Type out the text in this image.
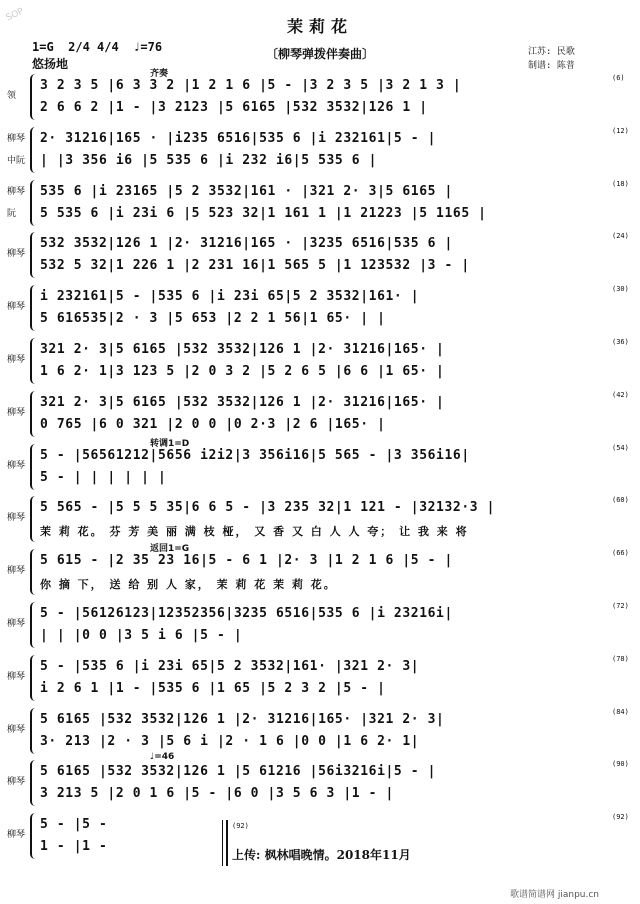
SOP
茉莉花
1=G  2/4 4/4  ♩=76
悠扬地
〔柳琴弹拨伴奏曲〕	江苏: 民歌
制谱: 陈普
领
(6)
3 2 3 5 |6 3 3 2 |1 2 1 6 |5 - |3 2 3 5 |3 2 1 3 |
2 6 6 2 |1 - |3 2123 |5 6165 |532 3532|126 1 |
齐奏
柳琴
中阮
(12)
2· 31216|165 · |i235 6516|535 6 |i 232161|5 - |
| |3 356 i6 |5 535 6 |i 232 i6|5 535 6 |
柳琴
阮
(18)
535 6 |i 23165 |5 2 3532|161 · |321 2· 3|5 6165 |
5 535 6 |i 23i 6 |5 523 32|1 161 1 |1 21223 |5 1165 |
柳琴
(24)
532 3532|126 1 |2· 31216|165 · |3235 6516|535 6 |
532 5 32|1 226 1 |2 231 16|1 565 5 |1 123532 |3 - |
柳琴
(30)
i 232161|5 - |535 6 |i 23i 65|5 2 3532|161· |
5 616535|2 · 3 |5 653 |2 2 1 56|1 65· | |
柳琴
(36)
321 2· 3|5 6165 |532 3532|126 1 |2· 31216|165· |
1 6 2· 1|3 123 5 |2 0 3 2 |5 2 6 5 |6 6 |1 65· |
柳琴
(42)
321 2· 3|5 6165 |532 3532|126 1 |2· 31216|165· |
0 765 |6 0 321 |2 0 0 |0 2·3 |2 6 |165· |
柳琴
(54)
5 - |56561212|5656 i2i2|3 356i16|5 565 - |3 356i16|
5 - | | | | | |
转调1=D
柳琴
(60)
5 565 - |5 5 5 35|6 6 5 - |3 235 32|1 121 - |32132·3 |
茉 莉 花。 芬 芳 美 丽 满 枝 桠， 又 香 又 白 人 人 夸； 让 我 来 将
柳琴
(66)
5 615 - |2 35 23 16|5 - 6 1 |2· 3 |1 2 1 6 |5 - |
你 摘 下， 送 给 别 人 家， 茉 莉 花 茉 莉 花。
返回1=G
柳琴
(72)
5 - |56126123|12352356|3235 6516|535 6 |i 23216i|
| | |0 0 |3 5 i 6 |5 - |
柳琴
(78)
5 - |535 6 |i 23i 65|5 2 3532|161· |321 2· 3|
i 2 6 1 |1 - |535 6 |1 65 |5 2 3 2 |5 - |
柳琴
(84)
5 6165 |532 3532|126 1 |2· 31216|165· |321 2· 3|
3· 213 |2 · 3 |5 6 i |2 · 1 6 |0 0 |1 6 2· 1|
柳琴
(90)
5 6165 |532 3532|126 1 |5 61216 |56i3216i|5 - |
3 213 5 |2 0 1 6 |5 - |6 0 |3 5 6 3 |1 - |
♩=46
柳琴
(92)
5 - |5 -
1 - |1 -
(92)
上传: 枫林唱晚情。2018年11月
歌谱简谱网 jianpu.cn
